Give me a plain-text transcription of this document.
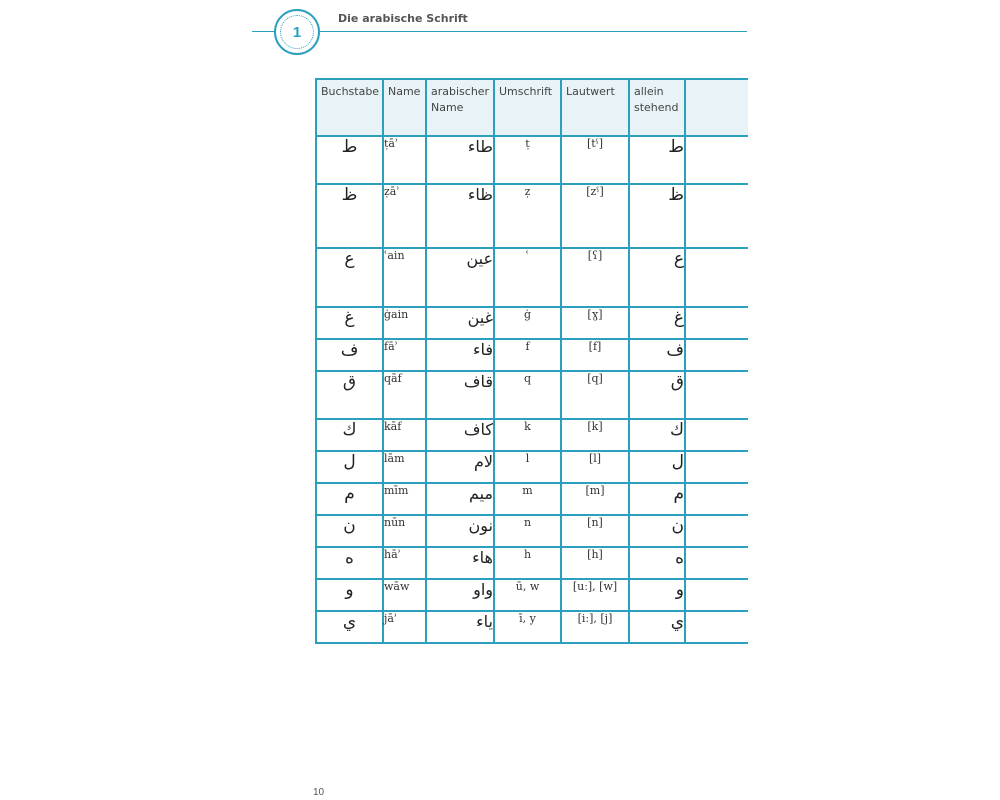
1
Die arabische Schrift
Buchstabe	Name	arabischer Name	Umschrift	Lautwert	allein stehend	
ط	ṭāʾ	طاء	ṭ	[tˤ]	ط	
ظ	ẓāʾ	ظاء	ẓ	[zˤ]	ظ	
ع	ʿain	عين	ʿ	[ʕ]	ع	
غ	ġain	غين	ġ	[ɣ]	غ	
ف	fāʾ	فاء	f	[f]	ف	
ق	qāf	قاف	q	[q]	ق	
ك	kāf	كاف	k	[k]	ك	
ل	lām	لام	l	[l]	ل	
م	mīm	ميم	m	[m]	م	
ن	nūn	نون	n	[n]	ن	
ه	hāʾ	هاء	h	[h]	ه	
و	wāw	واو	ū, w	[uː], [w]	و	
ي	jāʾ	ياء	ī, y	[iː], [j]	ي	
10
